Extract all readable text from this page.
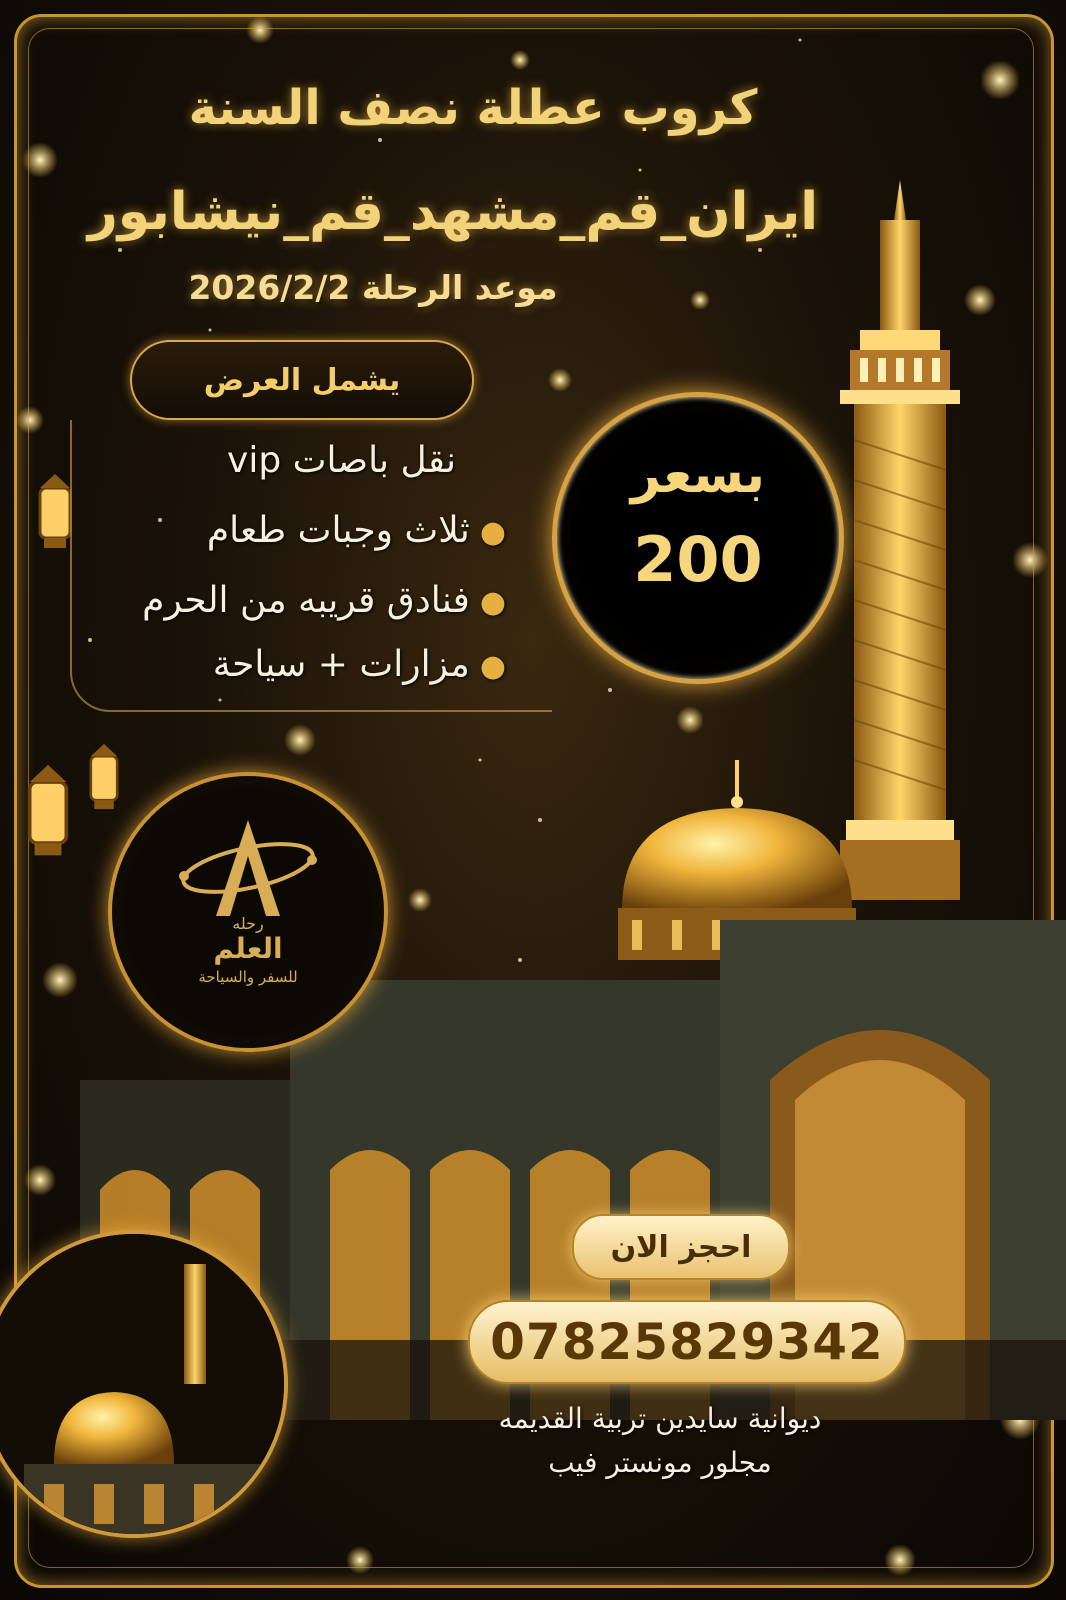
كروب عطلة نصف السنة
ايران_قم_مشهد_قم_نيشابور
موعد الرحلة 2026/2/2
يشمل العرض
نقل باصات vip
●ثلاث وجبات طعام
●فنادق قريبه من الحرم
●مزارات + سياحة
بسعر
200
رحله
العلم
للسفر والسياحة
احجز الان
07825829342
ديوانية سايدين تربية القديمه
مجلور مونستر فيب
